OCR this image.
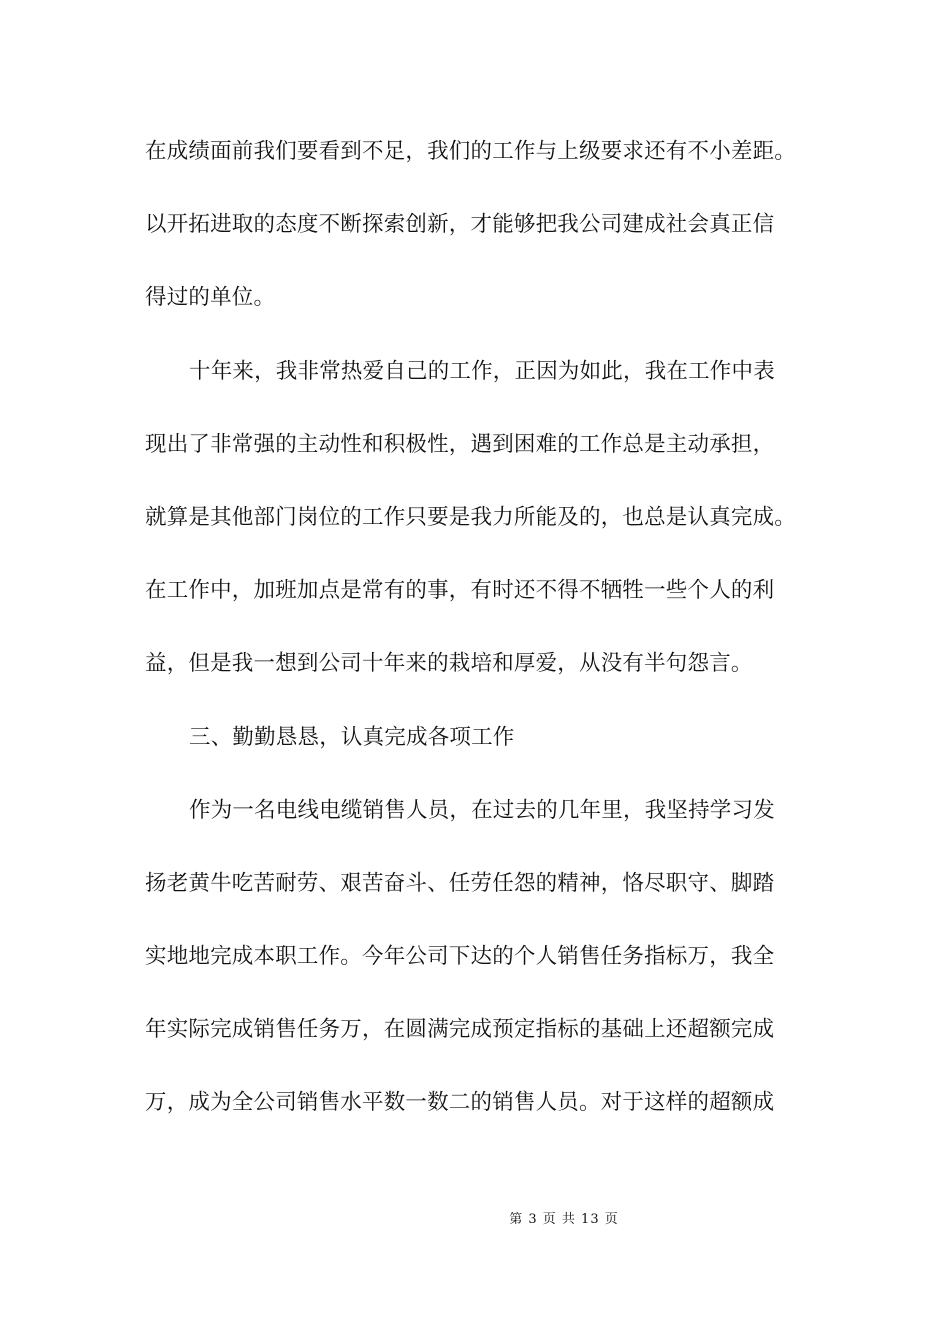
在成绩面前我们要看到不足，我们的工作与上级要求还有不小差距。
以开拓进取的态度不断探索创新，才能够把我公司建成社会真正信
得过的单位。
十年来，我非常热爱自己的工作，正因为如此，我在工作中表
现出了非常强的主动性和积极性，遇到困难的工作总是主动承担，
就算是其他部门岗位的工作只要是我力所能及的，也总是认真完成。
在工作中，加班加点是常有的事，有时还不得不牺牲一些个人的利
益，但是我一想到公司十年来的栽培和厚爱，从没有半句怨言。
三、勤勤恳恳，认真完成各项工作
作为一名电线电缆销售人员，在过去的几年里，我坚持学习发
扬老黄牛吃苦耐劳、艰苦奋斗、任劳任怨的精神，恪尽职守、脚踏
实地地完成本职工作。今年公司下达的个人销售任务指标万，我全
年实际完成销售任务万，在圆满完成预定指标的基础上还超额完成
万，成为全公司销售水平数一数二的销售人员。对于这样的超额成
第 3 页 共 13 页
